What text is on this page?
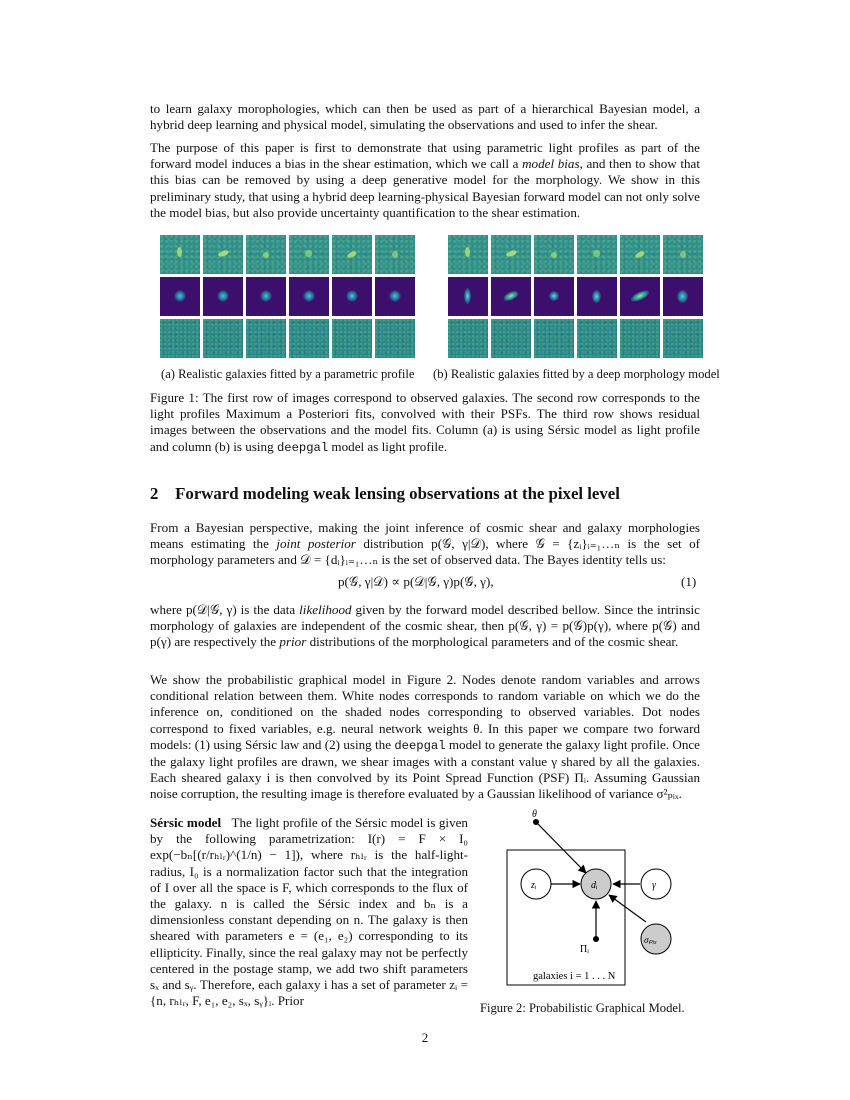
to learn galaxy morophologies, which can then be used as part of a hierarchical Bayesian model, a hybrid deep learning and physical model, simulating the observations and used to infer the shear.

The purpose of this paper is first to demonstrate that using parametric light profiles as part of the forward model induces a bias in the shear estimation, which we call a model bias, and then to show that this bias can be removed by using a deep generative model for the morphology. We show in this preliminary study, that using a hybrid deep learning-physical Bayesian forward model can not only solve the model bias, but also provide uncertainty quantification to the shear estimation.

(a) Realistic galaxies fitted by a parametric profile (b) Realistic galaxies fitted by a deep morphology model

Figure 1: The first row of images correspond to observed galaxies. The second row corresponds to the light profiles Maximum a Posteriori fits, convolved with their PSFs. The third row shows residual images between the observations and the model fits. Column (a) is using Sérsic model as light profile and column (b) is using deepgal model as light profile.

2 Forward modeling weak lensing observations at the pixel level

From a Bayesian perspective, making the joint inference of cosmic shear and galaxy morphologies means estimating the joint posterior distribution p(𝒢, γ|𝒟), where 𝒢 = {zᵢ}ᵢ₌₁…ₙ is the set of morphology parameters and 𝒟 = {dᵢ}ᵢ₌₁…ₙ is the set of observed data. The Bayes identity tells us:

p(𝒢, γ|𝒟) ∝ p(𝒟|𝒢, γ)p(𝒢, γ),	(1)

where p(𝒟|𝒢, γ) is the data likelihood given by the forward model described bellow. Since the intrinsic morphology of galaxies are independent of the cosmic shear, then p(𝒢, γ) = p(𝒢)p(γ), where p(𝒢) and p(γ) are respectively the prior distributions of the morphological parameters and of the cosmic shear.

We show the probabilistic graphical model in Figure 2. Nodes denote random variables and arrows conditional relation between them. White nodes corresponds to random variable on which we do the inference on, conditioned on the shaded nodes corresponding to observed variables. Dot nodes correspond to fixed variables, e.g. neural network weights θ. In this paper we compare two forward models: (1) using Sérsic law and (2) using the deepgal model to generate the galaxy light profile. Once the galaxy light profiles are drawn, we shear images with a constant value γ shared by all the galaxies. Each sheared galaxy i is then convolved by its Point Spread Function (PSF) Πᵢ. Assuming Gaussian noise corruption, the resulting image is therefore evaluated by a Gaussian likelihood of variance σ²ₚᵢₓ.

Sérsic model The light profile of the Sérsic model is given by the following parametrization: I(r) = F × I₀ exp(−bₙ[(r/rₕₗᵣ)^(1/n) − 1]), where rₕₗᵣ is the half-light-radius, I₀ is a normalization factor such that the integration of I over all the space is F, which corresponds to the flux of the galaxy. n is called the Sérsic index and bₙ is a dimensionless constant depending on n. The galaxy is then sheared with parameters e = (e₁, e₂) corresponding to its ellipticity. Finally, since the real galaxy may not be perfectly centered in the postage stamp, we add two shift parameters sₓ and sᵧ. Therefore, each galaxy i has a set of parameter zᵢ = {n, rₕₗᵣ, F, e₁, e₂, sₓ, sᵧ}ᵢ. Prior

galaxies i = 1 . . . N
θ
zᵢ	dᵢ	γ
Πᵢ
σₚᵢₓ
Figure 2: Probabilistic Graphical Model.
2
